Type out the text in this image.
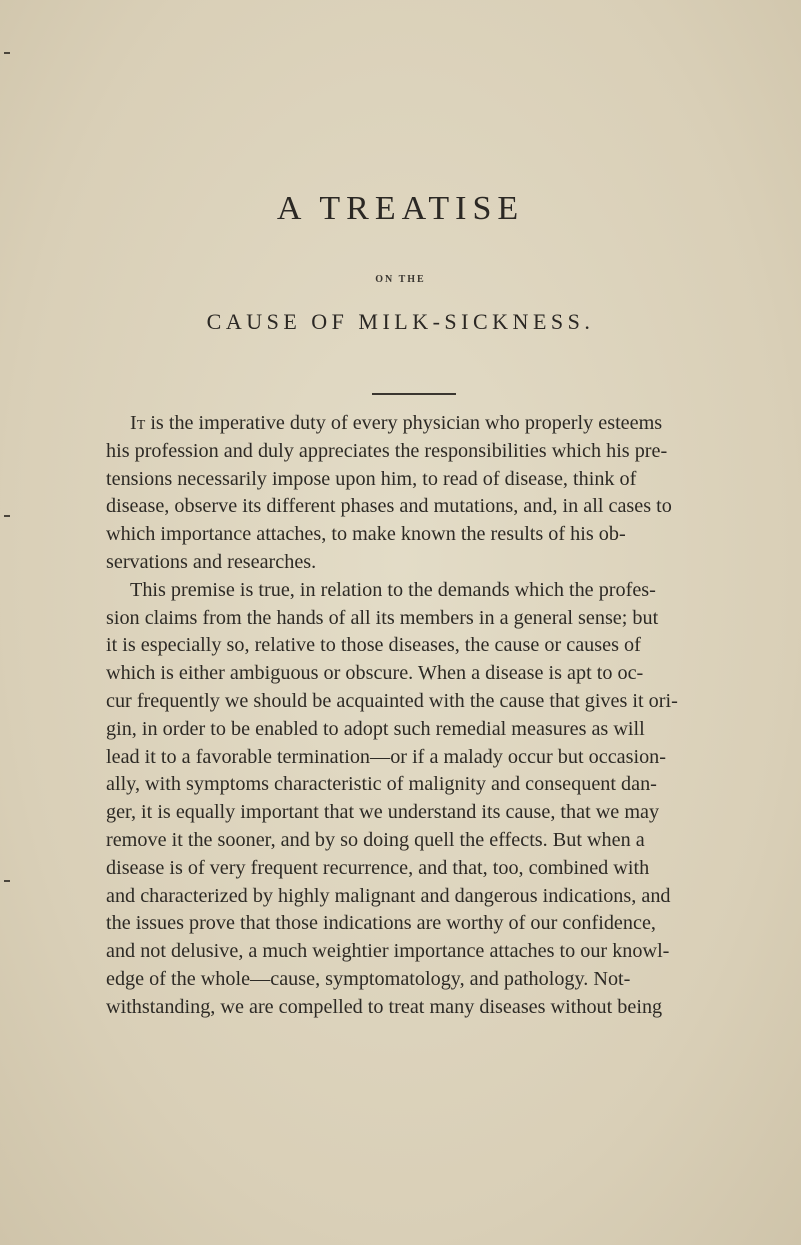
A TREATISE
ON THE
CAUSE OF MILK-SICKNESS.
It is the imperative duty of every physician who properly esteems
his profession and duly appreciates the responsibilities which his pre-
tensions necessarily impose upon him, to read of disease, think of
disease, observe its different phases and mutations, and, in all cases to
which importance attaches, to make known the results of his ob-
servations and researches.
This premise is true, in relation to the demands which the profes-
sion claims from the hands of all its members in a general sense; but
it is especially so, relative to those diseases, the cause or causes of
which is either ambiguous or obscure. When a disease is apt to oc-
cur frequently we should be acquainted with the cause that gives it ori-
gin, in order to be enabled to adopt such remedial measures as will
lead it to a favorable termination—or if a malady occur but occasion-
ally, with symptoms characteristic of malignity and consequent dan-
ger, it is equally important that we understand its cause, that we may
remove it the sooner, and by so doing quell the effects. But when a
disease is of very frequent recurrence, and that, too, combined with
and characterized by highly malignant and dangerous indications, and
the issues prove that those indications are worthy of our confidence,
and not delusive, a much weightier importance attaches to our knowl-
edge of the whole—cause, symptomatology, and pathology. Not-
withstanding, we are compelled to treat many diseases without being
